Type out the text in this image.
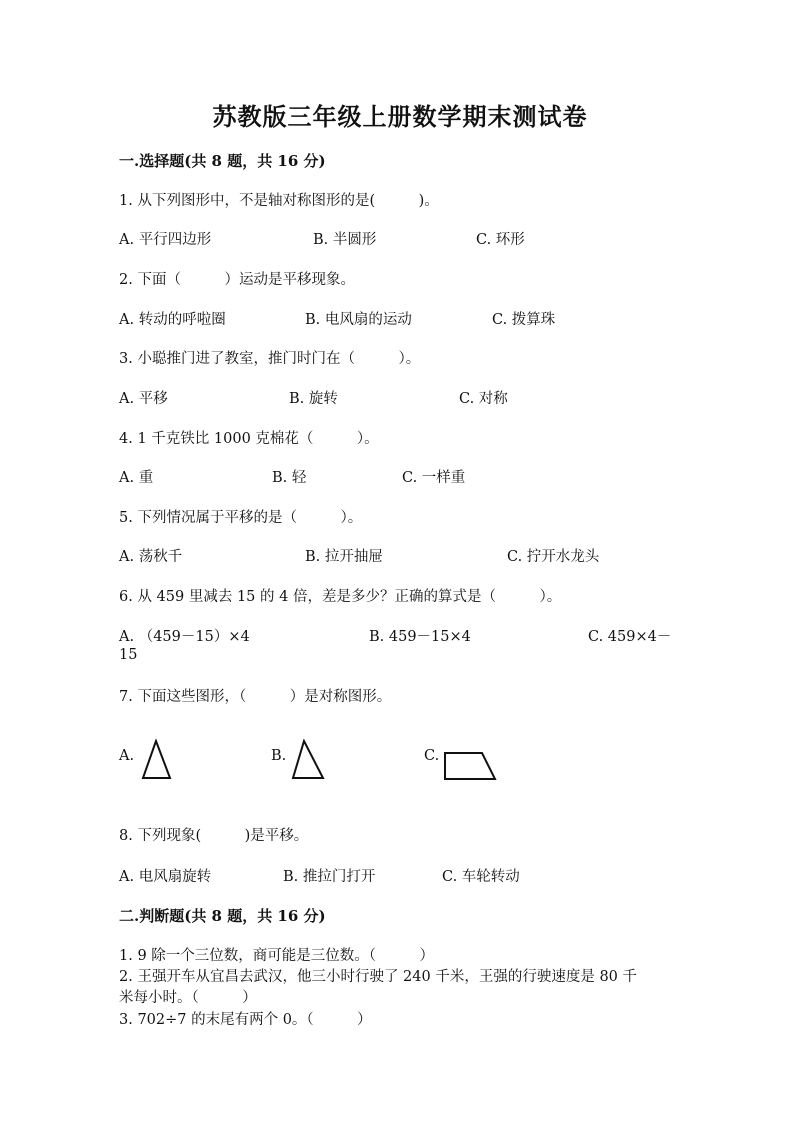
苏教版三年级上册数学期末测试卷
一.选择题(共 8 题，共 16 分)
1. 从下列图形中，不是轴对称图形的是(　　　)。
A. 平行四边形	B. 半圆形	C. 环形
2. 下面（　　　）运动是平移现象。
A. 转动的呼啦圈	B. 电风扇的运动	C. 拨算珠
3. 小聪推门进了教室，推门时门在（　　　）。
A. 平移	B. 旋转	C. 对称
4. 1 千克铁比 1000 克棉花（　　　）。
A. 重	B. 轻	C. 一样重
5. 下列情况属于平移的是（　　　）。
A. 荡秋千	B. 拉开抽屉	C. 拧开水龙头
6. 从 459 里减去 15 的 4 倍，差是多少？正确的算式是（　　　）。
A. （459－15）×4	B. 459－15×4	C. 459×4－
15
7. 下面这些图形，（　　　）是对称图形。
A.	B.	C.
8. 下列现象(　　　)是平移。
A. 电风扇旋转	B. 推拉门打开	C. 车轮转动
二.判断题(共 8 题，共 16 分)
1. 9 除一个三位数，商可能是三位数。（　　　）
2. 王强开车从宜昌去武汉，他三小时行驶了 240 千米，王强的行驶速度是 80 千
米每小时。（　　　）
3. 702÷7 的末尾有两个 0。（　　　）
